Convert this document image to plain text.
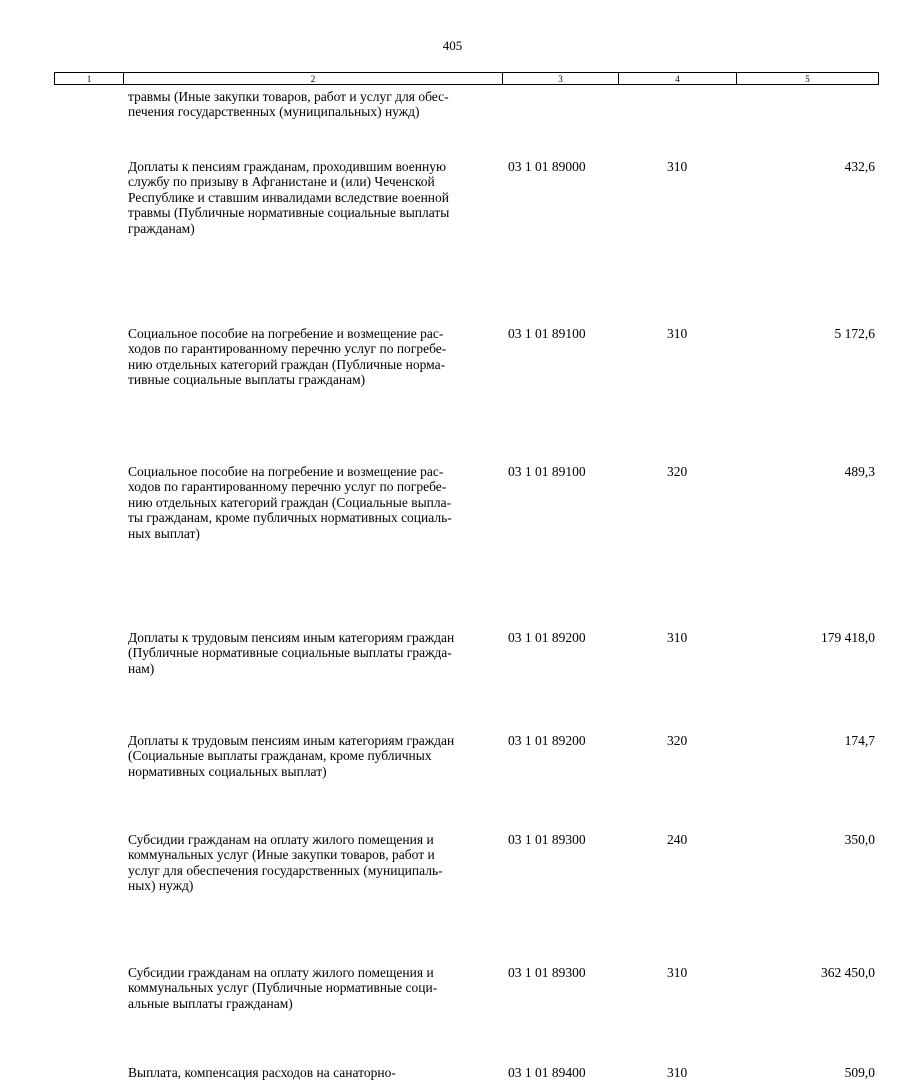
405
1	2	3	4	5

травмы (Иные закупки товаров, работ и услуг для обес-
печения государственных (муниципальных) нужд)

Доплаты к пенсиям гражданам, проходившим военную
службу по призыву в Афганистане и (или) Чеченской
Республике и ставшим инвалидами вследствие военной
травмы (Публичные нормативные социальные выплаты
гражданам)

03 1 01 89000	310	432,6

Социальное пособие на погребение и возмещение рас-
ходов по гарантированному перечню услуг по погребе-
нию отдельных категорий граждан (Публичные норма-
тивные социальные выплаты гражданам)

03 1 01 89100	310	5 172,6

Социальное пособие на погребение и возмещение рас-
ходов по гарантированному перечню услуг по погребе-
нию отдельных категорий граждан (Социальные выпла-
ты гражданам, кроме публичных нормативных социаль-
ных выплат)

03 1 01 89100	320	489,3

Доплаты к трудовым пенсиям иным категориям граждан
(Публичные нормативные социальные выплаты гражда-
нам)

03 1 01 89200	310	179 418,0

Доплаты к трудовым пенсиям иным категориям граждан
(Социальные выплаты гражданам, кроме публичных
нормативных социальных выплат)

03 1 01 89200	320	174,7

Субсидии гражданам на оплату жилого помещения и
коммунальных услуг (Иные закупки товаров, работ и
услуг для обеспечения государственных (муниципаль-
ных) нужд)

03 1 01 89300	240	350,0

Субсидии гражданам на оплату жилого помещения и
коммунальных услуг (Публичные нормативные соци-
альные выплаты гражданам)

03 1 01 89300	310	362 450,0

Выплата, компенсация расходов на санаторно-	03 1 01 89400	310	509,0
